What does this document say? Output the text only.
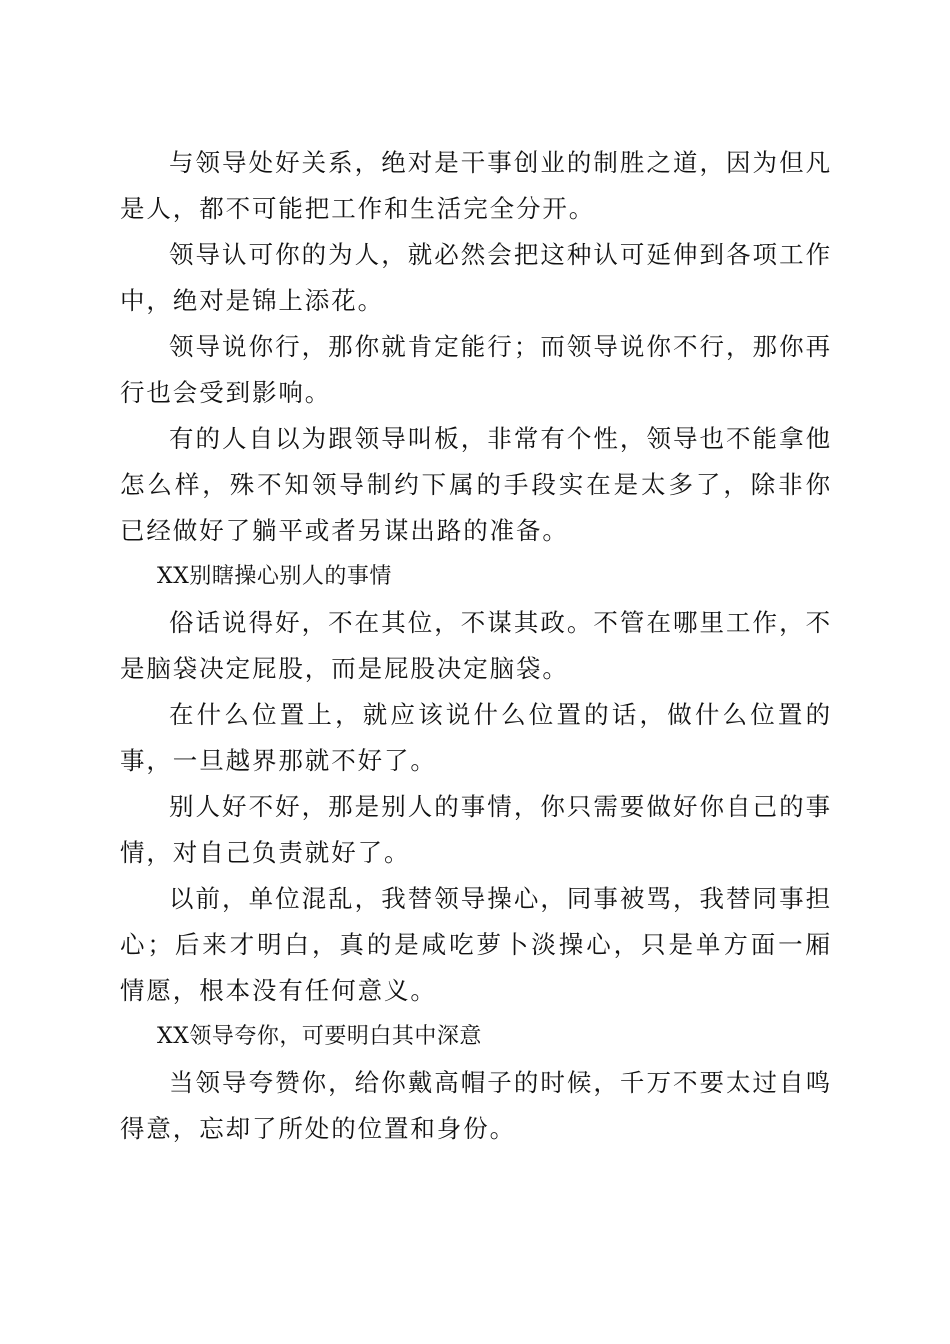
与领导处好关系，绝对是干事创业的制胜之道，因为但凡是人，都不可能把工作和生活完全分开。

领导认可你的为人，就必然会把这种认可延伸到各项工作中，绝对是锦上添花。

领导说你行，那你就肯定能行；而领导说你不行，那你再行也会受到影响。

有的人自以为跟领导叫板，非常有个性，领导也不能拿他怎么样，殊不知领导制约下属的手段实在是太多了，除非你已经做好了躺平或者另谋出路的准备。

XX别瞎操心别人的事情

俗话说得好，不在其位，不谋其政。不管在哪里工作，不是脑袋决定屁股，而是屁股决定脑袋。

在什么位置上，就应该说什么位置的话，做什么位置的事，一旦越界那就不好了。

别人好不好，那是别人的事情，你只需要做好你自己的事情，对自己负责就好了。

以前，单位混乱，我替领导操心，同事被骂，我替同事担心；后来才明白，真的是咸吃萝卜淡操心，只是单方面一厢情愿，根本没有任何意义。

XX领导夸你，可要明白其中深意

当领导夸赞你，给你戴高帽子的时候，千万不要太过自鸣得意，忘却了所处的位置和身份。
